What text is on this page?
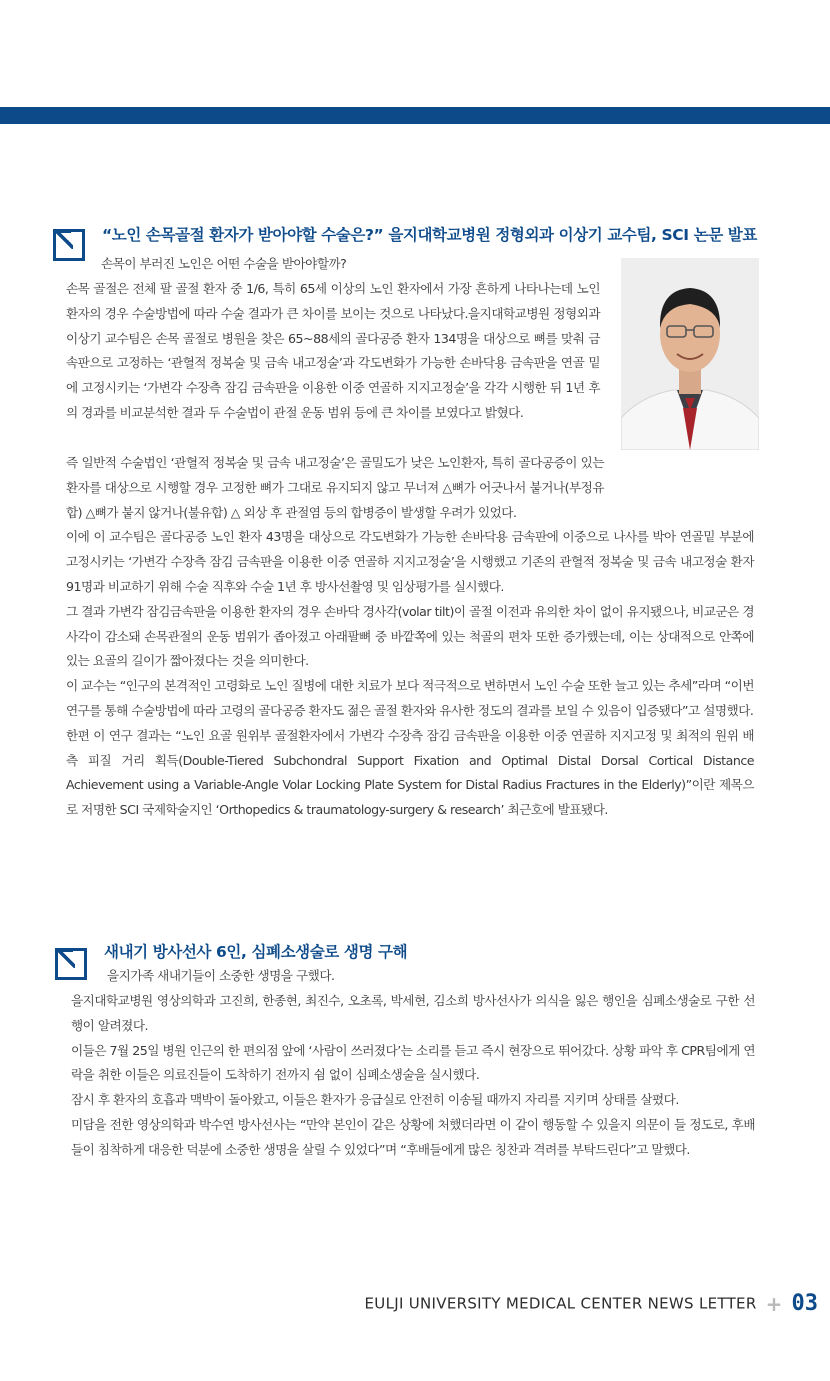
“노인 손목골절 환자가 받아야할 수술은?” 을지대학교병원 정형외과 이상기 교수팀, SCI 논문 발표

손목이 부러진 노인은 어떤 수술을 받아야할까?

손목 골절은 전체 팔 골절 환자 중 1/6, 특히 65세 이상의 노인 환자에서 가장 흔하게 나타나는데 노인 환자의 경우 수술방법에 따라 수술 결과가 큰 차이를 보이는 것으로 나타났다.을지대학교병원 정형외과 이상기 교수팀은 손목 골절로 병원을 찾은 65~88세의 골다공증 환자 134명을 대상으로 뼈를 맞춰 금속판으로 고정하는 ‘관혈적 정복술 및 금속 내고정술’과 각도변화가 가능한 손바닥용 금속판을 연골 밑에 고정시키는 ‘가변각 수장측 잠김 금속판을 이용한 이중 연골하 지지고정술’을 각각 시행한 뒤 1년 후의 경과를 비교분석한 결과 두 수술법이 관절 운동 범위 등에 큰 차이를 보였다고 밝혔다.

즉 일반적 수술법인 ‘관혈적 정복술 및 금속 내고정술’은 골밀도가 낮은 노인환자, 특히 골다공증이 있는 환자를 대상으로 시행할 경우 고정한 뼈가 그대로 유지되지 않고 무너져 △뼈가 어긋나서 붙거나(부정유합) △뼈가 붙지 않거나(불유합) △ 외상 후 관절염 등의 합병증이 발생할 우려가 있었다.

이에 이 교수팀은 골다공증 노인 환자 43명을 대상으로 각도변화가 가능한 손바닥용 금속판에 이중으로 나사를 박아 연골밑 부분에 고정시키는 ‘가변각 수장측 잠김 금속판을 이용한 이중 연골하 지지고정술’을 시행했고 기존의 관혈적 정복술 및 금속 내고정술 환자 91명과 비교하기 위해 수술 직후와 수술 1년 후 방사선촬영 및 임상평가를 실시했다.

그 결과 가변각 잠김금속판을 이용한 환자의 경우 손바닥 경사각(volar tilt)이 골절 이전과 유의한 차이 없이 유지됐으나, 비교군은 경사각이 감소돼 손목관절의 운동 범위가 좁아졌고 아래팔뼈 중 바깥쪽에 있는 척골의 편차 또한 증가했는데, 이는 상대적으로 안쪽에 있는 요골의 길이가 짧아졌다는 것을 의미한다.

이 교수는 “인구의 본격적인 고령화로 노인 질병에 대한 치료가 보다 적극적으로 변하면서 노인 수술 또한 늘고 있는 추세”라며 “이번 연구를 통해 수술방법에 따라 고령의 골다공증 환자도 젊은 골절 환자와 유사한 정도의 결과를 보일 수 있음이 입증됐다”고 설명했다.

한편 이 연구 결과는 “노인 요골 원위부 골절환자에서 가변각 수장측 잠김 금속판을 이용한 이중 연골하 지지고정 및 최적의 원위 배측 피질 거리 획득(Double-Tiered Subchondral Support Fixation and Optimal Distal Dorsal Cortical Distance Achievement using a Variable-Angle Volar Locking Plate System for Distal Radius Fractures in the Elderly)”이란 제목으로 저명한 SCI 국제학술지인 ‘Orthopedics & traumatology-surgery & research’ 최근호에 발표됐다.

새내기 방사선사 6인, 심폐소생술로 생명 구해

을지가족 새내기들이 소중한 생명을 구했다.

을지대학교병원 영상의학과 고진희, 한종현, 최진수, 오초록, 박세현, 김소희 방사선사가 의식을 잃은 행인을 심폐소생술로 구한 선행이 알려졌다.

이들은 7월 25일 병원 인근의 한 편의점 앞에 ‘사람이 쓰러졌다’는 소리를 듣고 즉시 현장으로 뛰어갔다. 상황 파악 후 CPR팀에게 연락을 취한 이들은 의료진들이 도착하기 전까지 쉼 없이 심폐소생술을 실시했다.

잠시 후 환자의 호흡과 맥박이 돌아왔고, 이들은 환자가 응급실로 안전히 이송될 때까지 자리를 지키며 상태를 살폈다.

미담을 전한 영상의학과 박수연 방사선사는 “만약 본인이 같은 상황에 처했더라면 이 같이 행동할 수 있을지 의문이 들 정도로, 후배들이 침착하게 대응한 덕분에 소중한 생명을 살릴 수 있었다”며 “후배들에게 많은 칭찬과 격려를 부탁드린다”고 말했다.

EULJI UNIVERSITY MEDICAL CENTER NEWS LETTER + 03
